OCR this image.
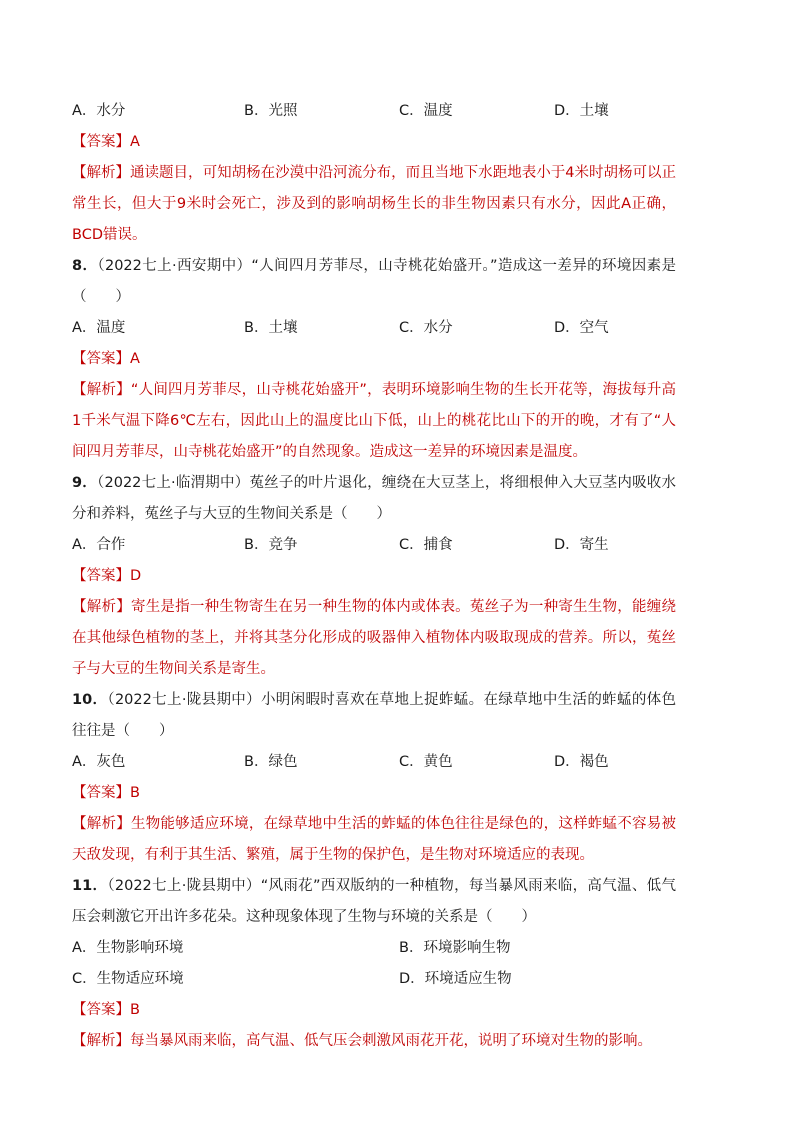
A．水分	B．光照	C．温度	D．土壤
【答案】A
【解析】通读题目，可知胡杨在沙漠中沿河流分布，而且当地下水距地表小于4米时胡杨可以正常生长，但大于9米时会死亡，涉及到的影响胡杨生长的非生物因素只有水分，因此A正确，BCD错误。
8．（2022七上·西安期中）“人间四月芳菲尽，山寺桃花始盛开。”造成这一差异的环境因素是（　　）
A．温度	B．土壤	C．水分	D．空气
【答案】A
【解析】“人间四月芳菲尽，山寺桃花始盛开”，表明环境影响生物的生长开花等，海拔每升高1千米气温下降6℃左右，因此山上的温度比山下低，山上的桃花比山下的开的晚，才有了“人间四月芳菲尽，山寺桃花始盛开”的自然现象。造成这一差异的环境因素是温度。
9．（2022七上·临渭期中）菟丝子的叶片退化，缠绕在大豆茎上，将细根伸入大豆茎内吸收水分和养料，菟丝子与大豆的生物间关系是（　　）
A．合作	B．竞争	C．捕食	D．寄生
【答案】D
【解析】寄生是指一种生物寄生在另一种生物的体内或体表。菟丝子为一种寄生生物，能缠绕在其他绿色植物的茎上，并将其茎分化形成的吸器伸入植物体内吸取现成的营养。所以，菟丝子与大豆的生物间关系是寄生。
10．（2022七上·陇县期中）小明闲暇时喜欢在草地上捉蚱蜢。在绿草地中生活的蚱蜢的体色往往是（　　）
A．灰色	B．绿色	C．黄色	D．褐色
【答案】B
【解析】生物能够适应环境，在绿草地中生活的蚱蜢的体色往往是绿色的，这样蚱蜢不容易被天敌发现，有利于其生活、繁殖，属于生物的保护色，是生物对环境适应的表现。
11．（2022七上·陇县期中）“风雨花”西双版纳的一种植物，每当暴风雨来临，高气温、低气压会刺激它开出许多花朵。这种现象体现了生物与环境的关系是（　　）
A．生物影响环境	B．环境影响生物
C．生物适应环境	D．环境适应生物
【答案】B
【解析】每当暴风雨来临，高气温、低气压会刺激风雨花开花，说明了环境对生物的影响。
